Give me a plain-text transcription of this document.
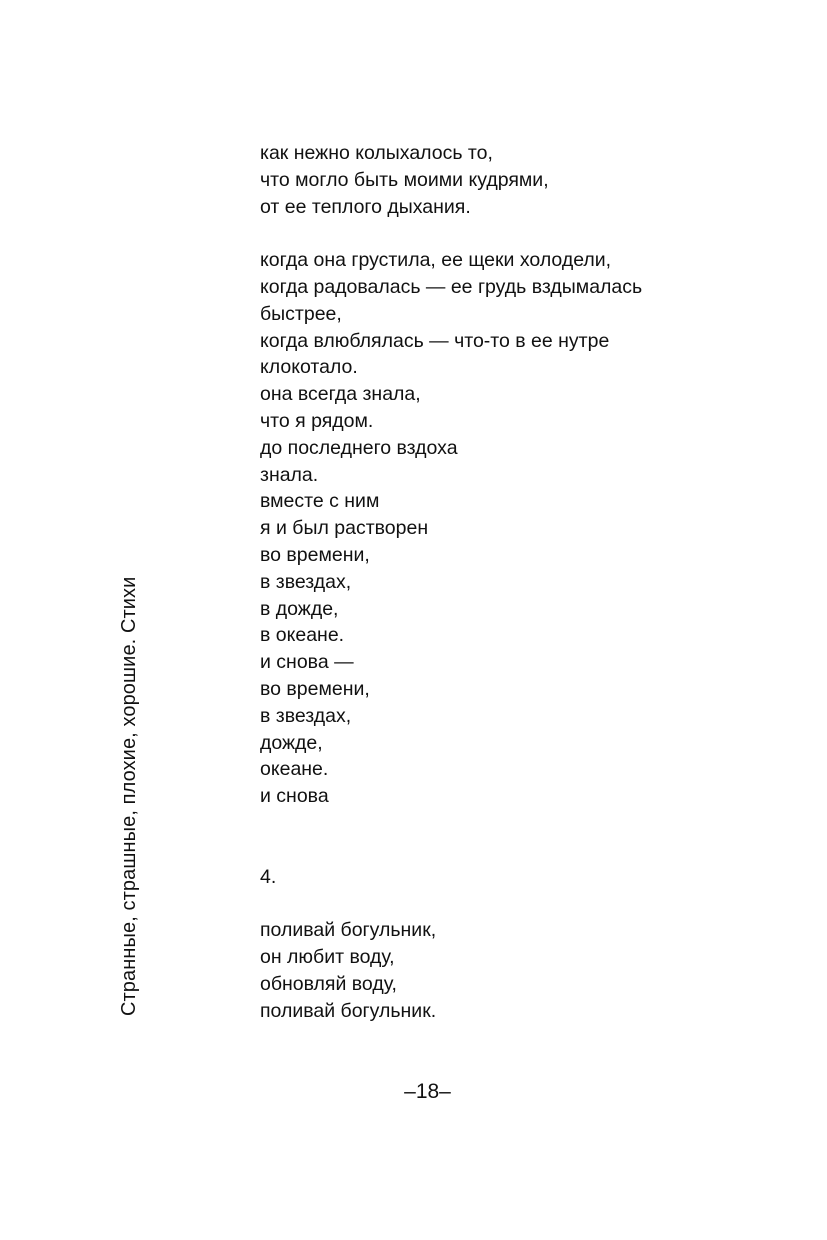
Странные, страшные, плохие, хорошие. Стихи
как нежно колыхалось то,
что могло быть моими кудрями,
от ее теплого дыхания.
когда она грустила, ее щеки холодели,
когда радовалась — ее грудь вздымалась
быстрее,
когда влюблялась — что-то в ее нутре
клокотало.
она всегда знала,
что я рядом.
до последнего вздоха
знала.
вместе с ним
я и был растворен
во времени,
в звездах,
в дожде,
в океане.
и снова —
во времени,
в звездах,
дожде,
океане.
и снова
4.
поливай богульник,
он любит воду,
обновляй воду,
поливай богульник.
–18–
